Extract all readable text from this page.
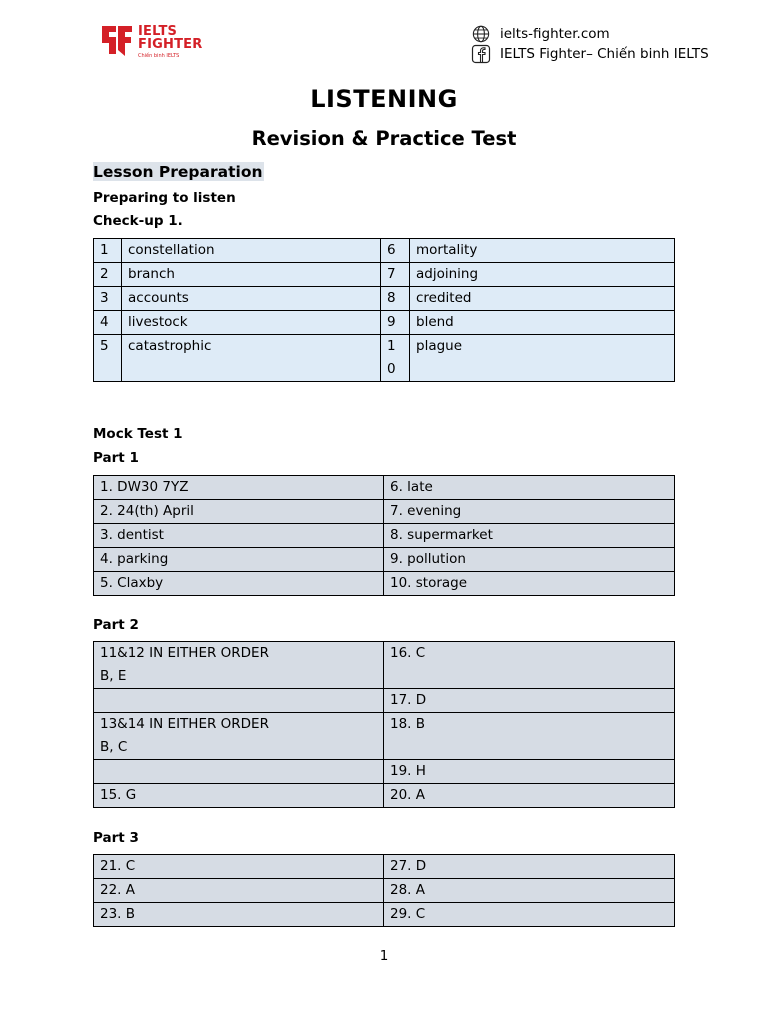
IELTS
FIGHTER
Chiến binh IELTS
ielts-fighter.com
IELTS Fighter– Chiến binh IELTS
LISTENING
Revision & Practice Test
Lesson Preparation
Preparing to listen
Check-up 1.
1	constellation	6	mortality
2	branch	7	adjoining
3	accounts	8	credited
4	livestock	9	blend
5	catastrophic	10	plague
Mock Test 1
Part 1
1. DW30 7YZ	6. late
2. 24(th) April	7. evening
3. dentist	8. supermarket
4. parking	9. pollution
5. Claxby	10. storage
Part 2
11&12 IN EITHER ORDER
B, E	16. C
	17. D

13&14 IN EITHER ORDER
B, C	18. B
	19. H
15. G	20. A
Part 3
21. C	27. D
22. A	28. A
23. B	29. C
1
